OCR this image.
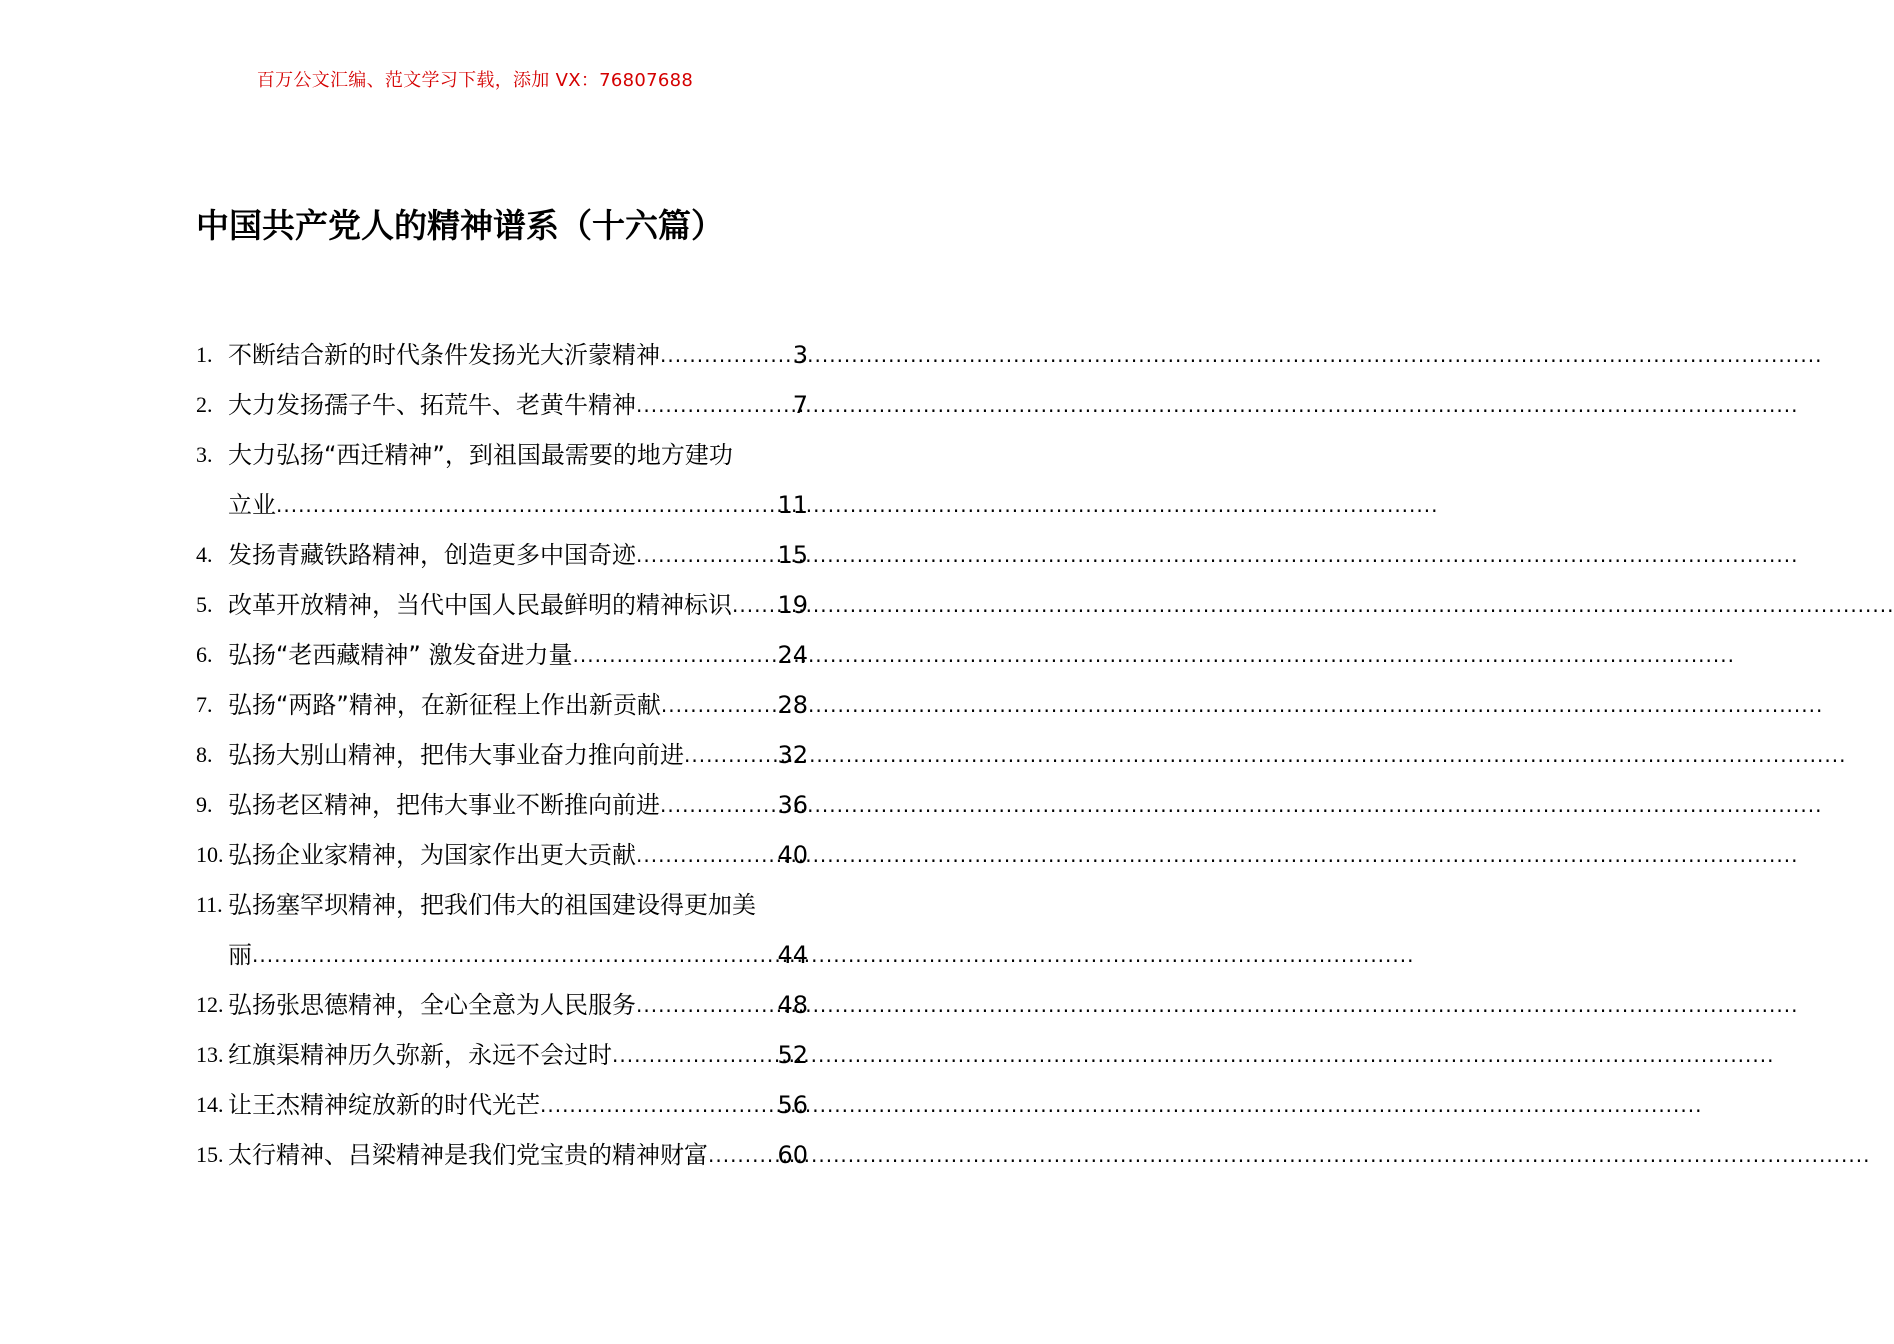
百万公文汇编、范文学习下载，添加 VX：76807688
中国共产党人的精神谱系（十六篇）
1. 不断结合新的时代条件发扬光大沂蒙精神 .....	3
2. 大力发扬孺子牛、拓荒牛、老黄牛精神 .....	7
3. 大力弘扬“西迁精神”，到祖国最需要的地方建功
立业 .....	11
4. 发扬青藏铁路精神，创造更多中国奇迹 .....	15
5. 改革开放精神，当代中国人民最鲜明的精神标识 ..... 19
6. 弘扬“老西藏精神” 激发奋进力量 .....	24
7. 弘扬“两路”精神，在新征程上作出新贡献 .....	28
8. 弘扬大别山精神，把伟大事业奋力推向前进 .....	32
9. 弘扬老区精神，把伟大事业不断推向前进 .....	36
10. 弘扬企业家精神，为国家作出更大贡献 .....	40
11. 弘扬塞罕坝精神，把我们伟大的祖国建设得更加美
丽 .....	44
12. 弘扬张思德精神，全心全意为人民服务 .....	48
13. 红旗渠精神历久弥新，永远不会过时 .....	52
14. 让王杰精神绽放新的时代光芒 .....	56
15. 太行精神、吕梁精神是我们党宝贵的精神财富 .....	60
